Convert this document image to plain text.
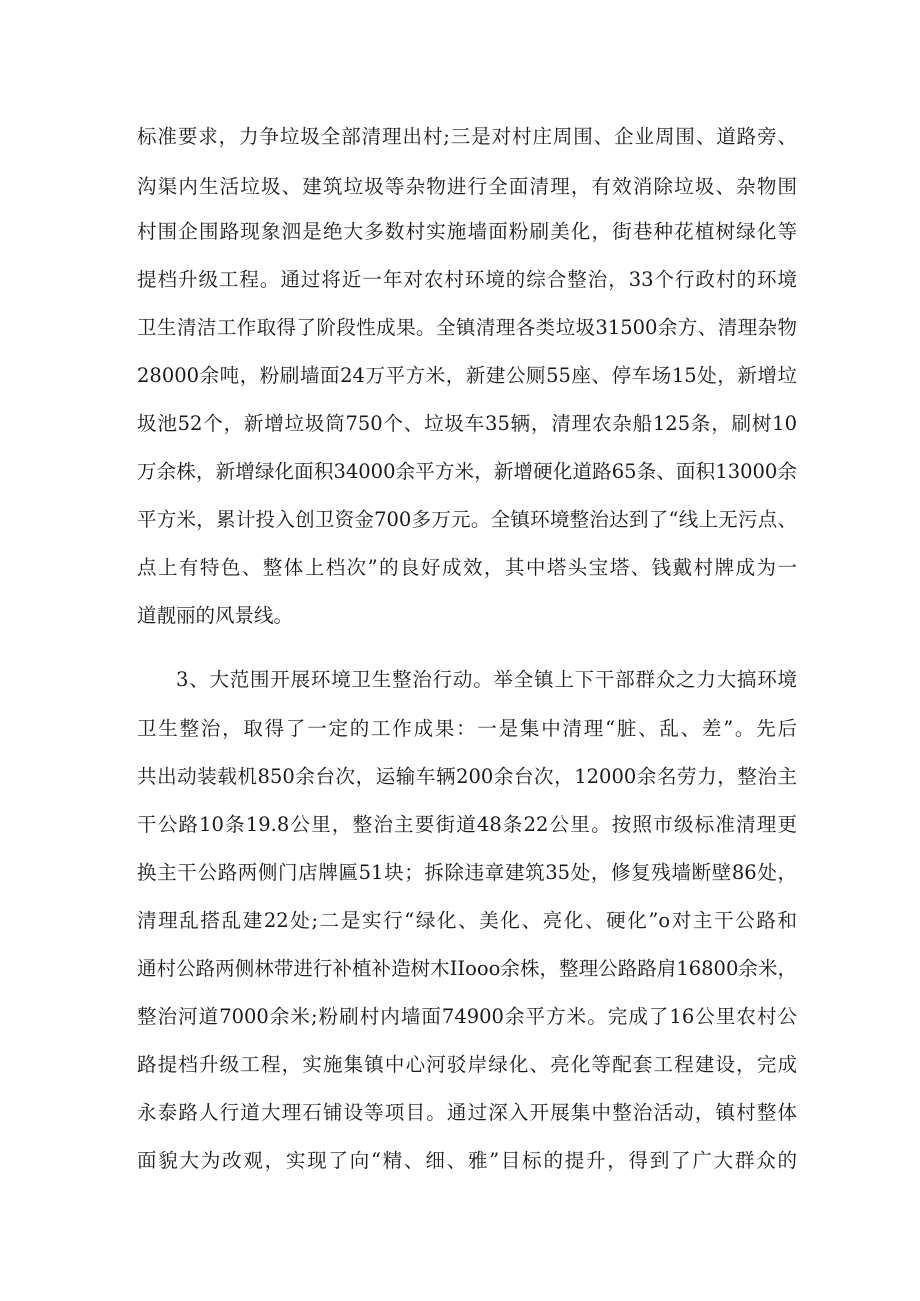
标准要求，力争垃圾全部清理出村;三是对村庄周围、企业周围、道路旁、
沟渠内生活垃圾、建筑垃圾等杂物进行全面清理，有效消除垃圾、杂物围
村围企围路现象泗是绝大多数村实施墙面粉刷美化，街巷种花植树绿化等
提档升级工程。通过将近一年对农村环境的综合整治，33个行政村的环境
卫生清洁工作取得了阶段性成果。全镇清理各类垃圾31500余方、清理杂物
28000余吨，粉刷墙面24万平方米，新建公厕55座、停车场15处，新增垃
圾池52个，新增垃圾筒750个、垃圾车35辆，清理农杂船125条，刷树10
万余株，新增绿化面积34000余平方米，新增硬化道路65条、面积13000余
平方米，累计投入创卫资金700多万元。全镇环境整治达到了“线上无污点、
点上有特色、整体上档次”的良好成效，其中塔头宝塔、钱戴村牌成为一
道靓丽的风景线。
3、大范围开展环境卫生整治行动。举全镇上下干部群众之力大搞环境
卫生整治，取得了一定的工作成果：一是集中清理“脏、乱、差”。先后
共出动装载机850余台次，运输车辆200余台次，12000余名劳力，整治主
干公路10条19.8公里，整治主要街道48条22公里。按照市级标准清理更
换主干公路两侧门店牌匾51块；拆除违章建筑35处，修复残墙断壁86处，
清理乱搭乱建22处;二是实行“绿化、美化、亮化、硬化”o对主干公路和
通村公路两侧林带进行补植补造树木IIooo余株，整理公路路肩16800余米，
整治河道7000余米;粉刷村内墙面74900余平方米。完成了16公里农村公
路提档升级工程，实施集镇中心河驳岸绿化、亮化等配套工程建设，完成
永泰路人行道大理石铺设等项目。通过深入开展集中整治活动，镇村整体
面貌大为改观，实现了向“精、细、雅”目标的提升，得到了广大群众的
